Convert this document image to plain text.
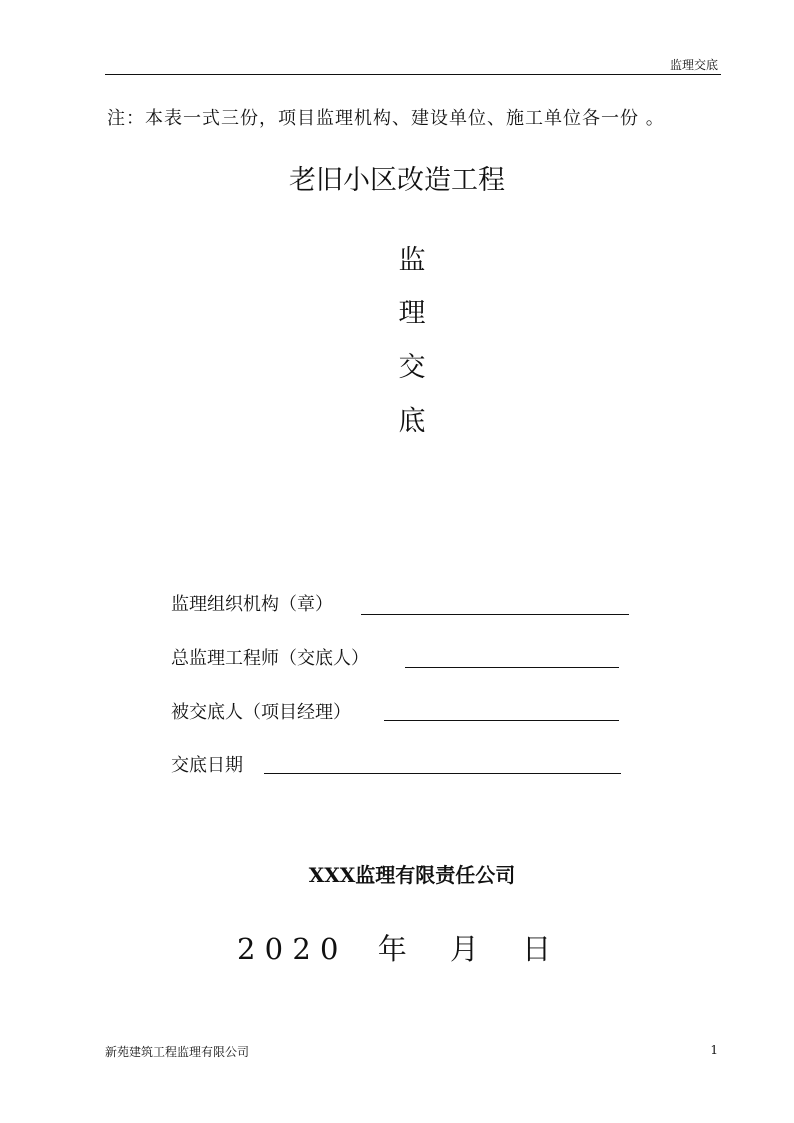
监理交底
注：本表一式三份，项目监理机构、建设单位、施工单位各一份 。
老旧小区改造工程
监
理
交
底
监理组织机构（章）
总监理工程师（交底人）
被交底人（项目经理）
交底日期
XXX监理有限责任公司
2 0 2 0 年 月 日
新苑建筑工程监理有限公司	1
